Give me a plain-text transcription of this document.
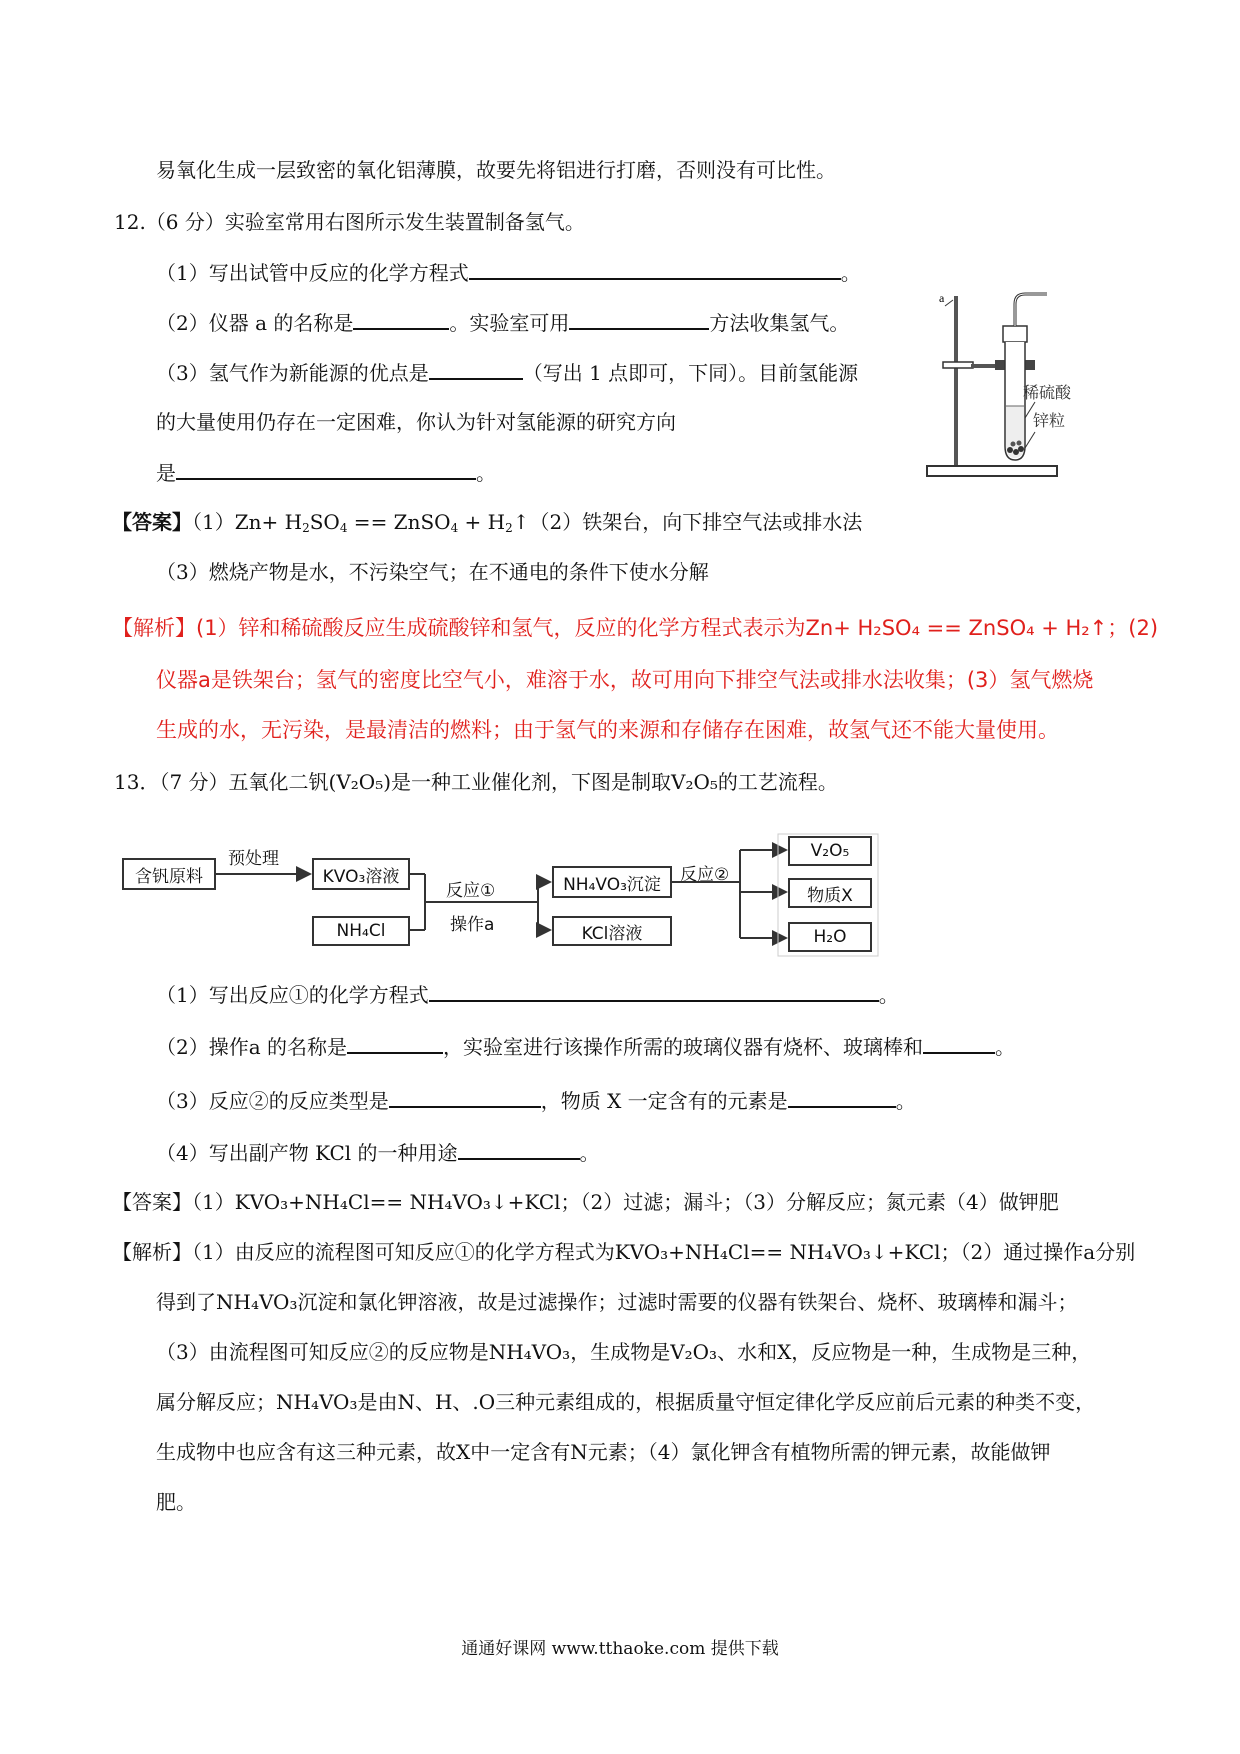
易氧化生成一层致密的氧化铝薄膜，故要先将铝进行打磨，否则没有可比性。
12.（6 分）实验室常用右图所示发生装置制备氢气。
（1）写出试管中反应的化学方程式	。
（2）仪器 a 的名称是	。实验室可用	方法收集氢气。
（3）氢气作为新能源的优点是	（写出 1 点即可，下同）。目前氢能源
的大量使用仍存在一定困难，你认为针对氢能源的研究方向
是	。
a
稀硫酸
锌粒
【答案】$(1)Zn+ H_2SO_4$ == ZnSO$_4$ + $H_2↑(2)$铁架台，向下排空气法或排水法
（3）燃烧产物是水，不污染空气；在不通电的条件下使水分解
【解析】(1）锌和稀硫酸反应生成硫酸锌和氢气，反应的化学方程式表示为Zn+ H₂SO₄ == ZnSO₄ + H₂↑；(2)
仪器a是铁架台；氢气的密度比空气小，难溶于水，故可用向下排空气法或排水法收集；(3）氢气燃烧
生成的水，无污染，是最清洁的燃料；由于氢气的来源和存储存在困难，故氢气还不能大量使用。
13．（7 分）五氧化二钒(V₂O₅)是一种工业催化剂，下图是制取V₂O₅的工艺流程。
含钒原料
预处理
KVO₃溶液
NH₄Cl
反应①
操作a
NH₄VO₃沉淀
KCl溶液
反应②
V₂O₅
物质X
H₂O
（1）写出反应①的化学方程式	。
（2）操作a 的名称是	，实验室进行该操作所需的玻璃仪器有烧杯、玻璃棒和	。
（3）反应②的反应类型是	，物质 X 一定含有的元素是	。
（4）写出副产物 KCl 的一种用途	。
【答案】（1）KVO₃+NH₄Cl== NH₄VO₃↓+KCl；（2）过滤；漏斗；（3）分解反应；氮元素（4）做钾肥
【解析】（1）由反应的流程图可知反应①的化学方程式为KVO₃+NH₄Cl== NH₄VO₃↓+KCl；（2）通过操作a分别
得到了NH₄VO₃沉淀和氯化钾溶液，故是过滤操作；过滤时需要的仪器有铁架台、烧杯、玻璃棒和漏斗；
（3）由流程图可知反应②的反应物是NH₄VO₃，生成物是V₂O₃、水和X，反应物是一种，生成物是三种，
属分解反应；NH₄VO₃是由N、H、.O三种元素组成的，根据质量守恒定律化学反应前后元素的种类不变，
生成物中也应含有这三种元素，故X中一定含有N元素；（4）氯化钾含有植物所需的钾元素，故能做钾
肥。
通通好课网 www.tthaoke.com 提供下载
